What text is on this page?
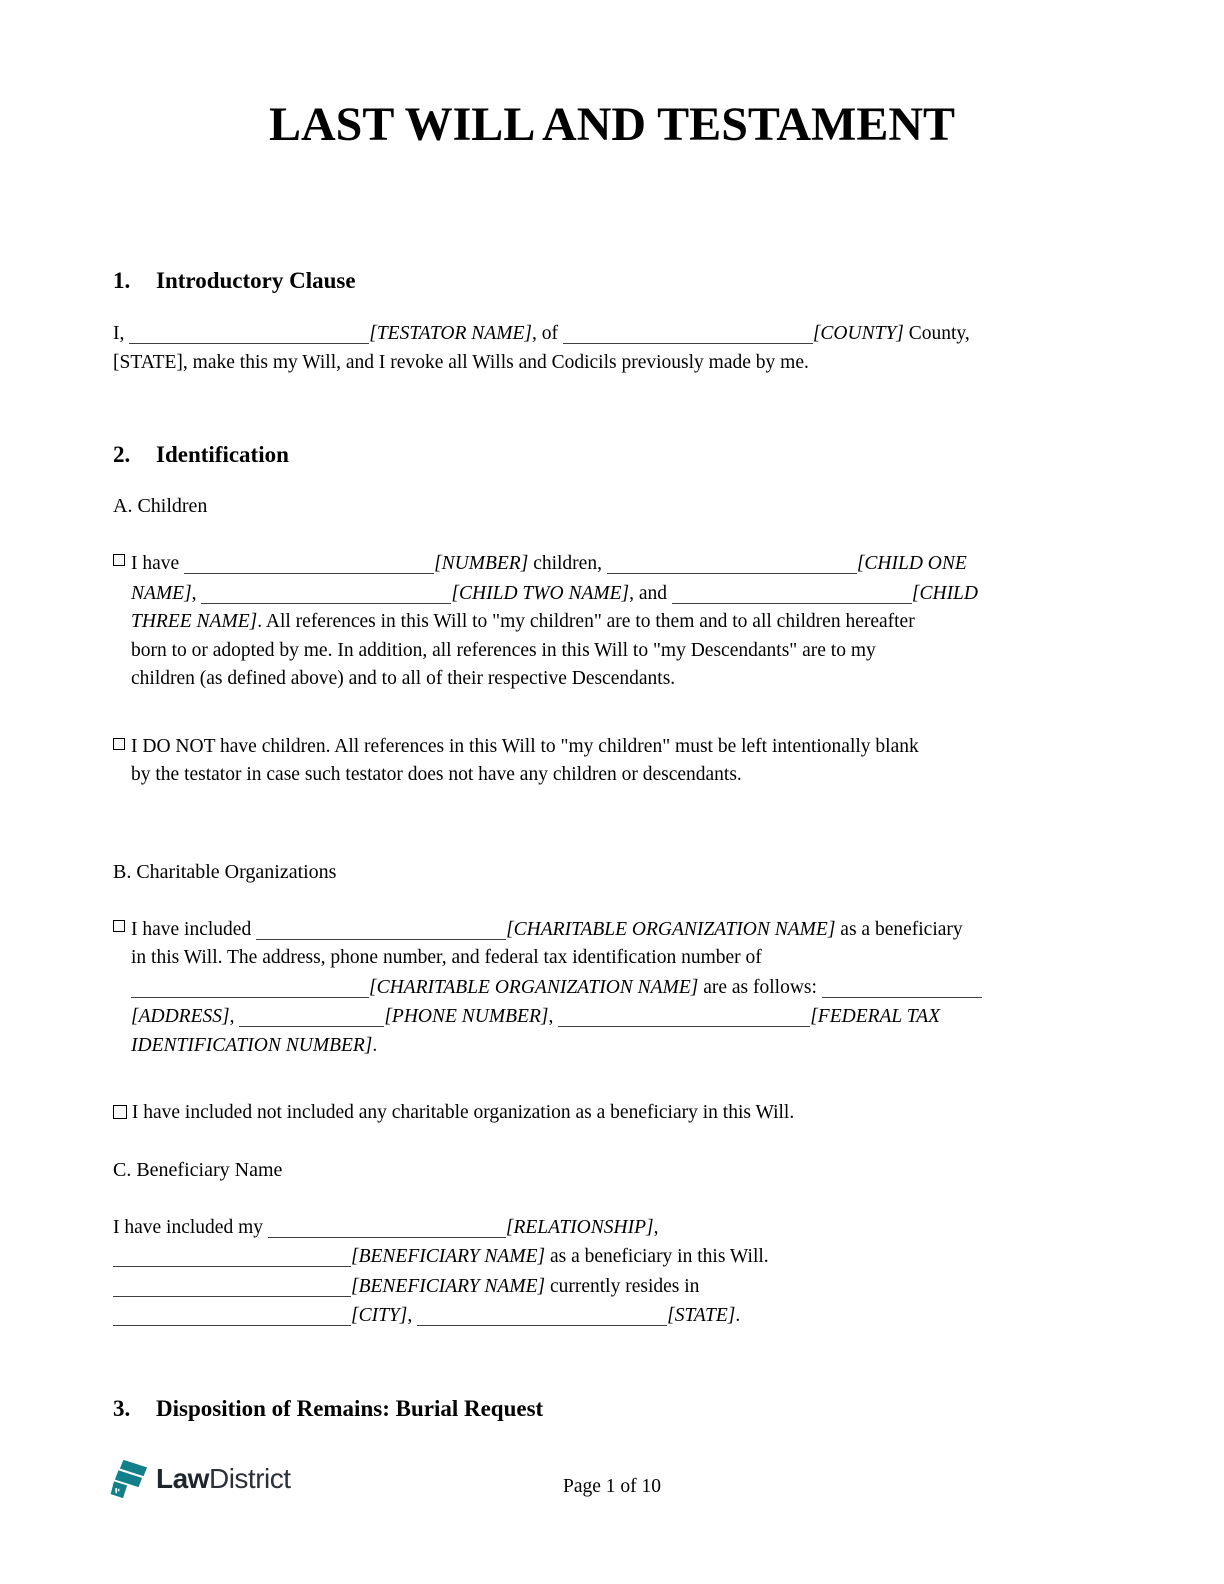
LAST WILL AND TESTAMENT
1. Introductory Clause
I,	[TESTATOR NAME], of	[COUNTY] County,
[STATE], make this my Will, and I revoke all Wills and Codicils previously made by me.
2. Identification
A. Children
I have	[NUMBER] children,	[CHILD ONE
NAME],	[CHILD TWO NAME], and	[CHILD
THREE NAME]. All references in this Will to "my children" are to them and to all children hereafter
born to or adopted by me. In addition, all references in this Will to "my Descendants" are to my
children (as defined above) and to all of their respective Descendants.
I DO NOT have children. All references in this Will to "my children" must be left intentionally blank
by the testator in case such testator does not have any children or descendants.
B. Charitable Organizations
I have included	[CHARITABLE ORGANIZATION NAME] as a beneficiary
in this Will. The address, phone number, and federal tax identification number of
[CHARITABLE ORGANIZATION NAME] are as follows:
[ADDRESS],	[PHONE NUMBER],	[FEDERAL TAX
IDENTIFICATION NUMBER].
I have included not included any charitable organization as a beneficiary in this Will.
C. Beneficiary Name
I have included my	[RELATIONSHIP],
[BENEFICIARY NAME] as a beneficiary in this Will.
[BENEFICIARY NAME] currently resides in
[CITY],	[STATE].
3. Disposition of Remains: Burial Request
Law District	Page 1 of 10
